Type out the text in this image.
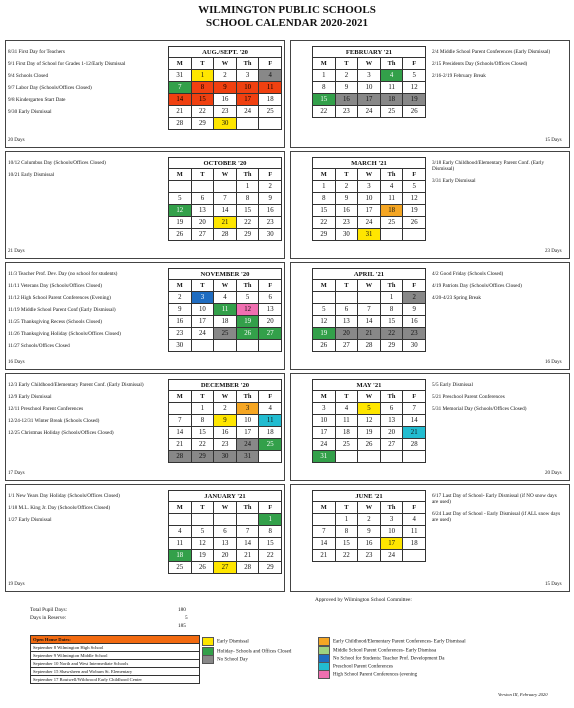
WILMINGTON PUBLIC SCHOOLS
SCHOOL CALENDAR 2020-2021
8/31 First Day for Teachers
9/1 First Day of School for Grades 1-12/Early Dismissal
9/4 Schools Closed
9/7 Labor Day (Schools/Offices Closed)
9/8 Kindergarten Start Date
9/30 Early Dismissal
20 Days
AUG./SEPT. '20				
M	T	W	Th	F
31	1	2	3	4
7	8	9	10	11
14	15	16	17	18
21	22	23	24	25
28	29	30		
2/4 Middle School Parent Conferences (Early Dismissal)
2/15 Presidents Day (Schools/Offices Closed)
2/16-2/19 February Break
15 Days
FEBRUARY '21				
M	T	W	Th	F
1	2	3	4	5
8	9	10	11	12
15	16	17	18	19
22	23	24	25	26
10/12 Columbus Day (Schools/Offices Closed)
10/21 Early Dismissal
21 Days
OCTOBER '20				
M	T	W	Th	F
			1	2
5	6	7	8	9
12	13	14	15	16
19	20	21	22	23
26	27	28	29	30
3/18 Early Childhood/Elementary Parent Conf. (Early Dismissal)
3/31 Early Dismissal
23 Days
MARCH '21				
M	T	W	Th	F
1	2	3	4	5
8	9	10	11	12
15	16	17	18	19
22	23	24	25	26
29	30	31		
11/3 Teacher Prof. Dev. Day (no school for students)
11/11 Veterans Day (Schools/Offices Closed)
11/12 High School Parent Conferences (Evening)
11/19 Middle School Parent Conf (Early Dismissal)
11/25 Thanksgiving Recess (Schools Closed)
11/26 Thanksgiving Holiday (Schools/Offices Closed)
11/27 Schools/Offices Closed
16 Days
NOVEMBER '20				
M	T	W	Th	F
2	3	4	5	6
9	10	11	12	13
16	17	18	19	20
23	24	25	26	27
30				
4/2 Good Friday (Schools Closed)
4/19 Patriots Day (Schools/Offices Closed)
4/20-4/23 Spring Break
16 Days
APRIL '21				
M	T	W	Th	F
			1	2
5	6	7	8	9
12	13	14	15	16
19	20	21	22	23
26	27	28	29	30
12/3 Early Childhood/Elementary Parent Conf. (Early Dismissal)
12/9 Early Dismissal
12/11 Preschool Parent Conferences
12/24-12/31 Winter Break (Schools Closed)
12/25 Christmas Holiday (Schools/Offices Closed)
17 Days
DECEMBER '20				
M	T	W	Th	F
	1	2	3	4
7	8	9	10	11
14	15	16	17	18
21	22	23	24	25
28	29	30	31	
5/5 Early Dismissal
5/21 Preschool Parent Conferences
5/31 Memorial Day (Schools/Offices Closed)
20 Days
MAY '21				
M	T	W	Th	F
3	4	5	6	7
10	11	12	13	14
17	18	19	20	21
24	25	26	27	28
31				
1/1 New Years Day Holiday (Schools/Offices Closed)
1/18 M.L. King Jr. Day (Schools/Offices Closed)
1/27 Early Dismissal
19 Days
JANUARY '21				
M	T	W	Th	F
				1
4	5	6	7	8
11	12	13	14	15
18	19	20	21	22
25	26	27	28	29
6/17 Last Day of School- Early Dismissal (if NO snow days are used)
6/24 Last Day of School - Early Dismissal (if ALL snow days are used)
15 Days
JUNE '21				
M	T	W	Th	F
	1	2	3	4
7	8	9	10	11
14	15	16	17	18
21	22	23	24	
Total Pupil Days:	180
Days in Reserve:	5
185
Approved by Wilmington School Committee:
Open House Dates:
September 8 Wilmington High School
September 9 Wilmington Middle School
September 10 North and West Intermediate Schools
September 15 Shawsheen and Woburn St. Elementary
September 17 Boutwell/Wildwood Early Childhood Center
Early Dismissal
Holiday- Schools and Offices Closed
No School Day
Early Childhood/Elementary Parent Conferences- Early Dismissal
Middle School Parent Conferences- Early Dismissa
No School for Students: Teacher Prof. Development Da
Preschool Parent Conferences
High School Parent Conferences (evening
Version III, February 2020
